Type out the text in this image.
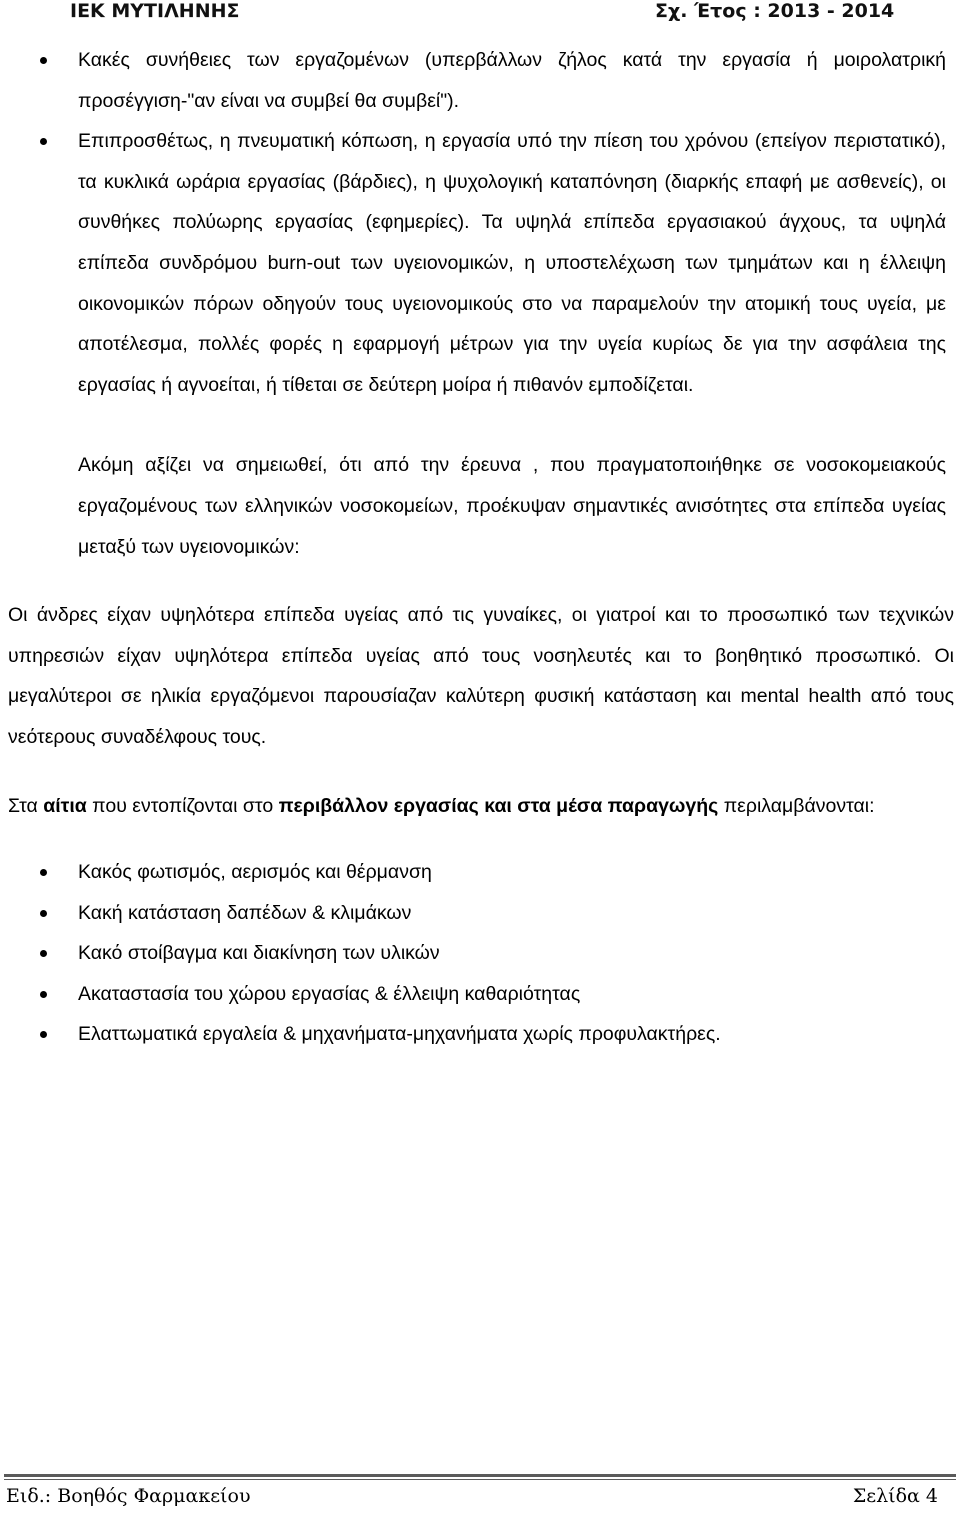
ΙΕΚ ΜΥΤΙΛΗΝΗΣ	Σχ. Έτος : 2013 - 2014
Κακές συνήθειες των εργαζομένων (υπερβάλλων ζήλος κατά την εργασία ή μοιρολατρική προσέγγιση-"αν είναι να συμβεί θα συμβεί").
Επιπροσθέτως, η πνευματική κόπωση, η εργασία υπό την πίεση του χρόνου (επείγον περιστατικό), τα κυκλικά ωράρια εργασίας (βάρδιες), η ψυχολογική καταπόνηση (διαρκής επαφή με ασθενείς), οι συνθήκες πολύωρης εργασίας (εφημερίες). Τα υψηλά επίπεδα εργασιακού άγχους, τα υψηλά επίπεδα συνδρόμου burn-out των υγειονομικών, η υποστελέχωση των τμημάτων και η έλλειψη οικονομικών πόρων οδηγούν τους υγειονομικούς στο να παραμελούν την ατομική τους υγεία, με αποτέλεσμα, πολλές φορές η εφαρμογή μέτρων για την υγεία κυρίως δε για την ασφάλεια της εργασίας ή αγνοείται, ή τίθεται σε δεύτερη μοίρα ή πιθανόν εμποδίζεται.
Ακόμη αξίζει να σημειωθεί, ότι από την έρευνα , που πραγματοποιήθηκε σε νοσοκομειακούς εργαζομένους των ελληνικών νοσοκομείων, προέκυψαν σημαντικές ανισότητες στα επίπεδα υγείας μεταξύ των υγειονομικών:
Οι άνδρες είχαν υψηλότερα επίπεδα υγείας από τις γυναίκες, οι γιατροί και το προσωπικό των τεχνικών υπηρεσιών είχαν υψηλότερα επίπεδα υγείας από τους νοσηλευτές και το βοηθητικό προσωπικό. Οι μεγαλύτεροι σε ηλικία εργαζόμενοι παρουσίαζαν καλύτερη φυσική κατάσταση και mental health από τους νεότερους συναδέλφους τους.
Στα αίτια που εντοπίζονται στο περιβάλλον εργασίας και στα μέσα παραγωγής περιλαμβάνονται:
Κακός φωτισμός, αερισμός και θέρμανση
Κακή κατάσταση δαπέδων & κλιμάκων
Κακό στοίβαγμα και διακίνηση των υλικών
Ακαταστασία του χώρου εργασίας & έλλειψη καθαριότητας
Ελαττωματικά εργαλεία & μηχανήματα-μηχανήματα χωρίς προφυλακτήρες.
Ειδ.: Βοηθός Φαρμακείου	Σελίδα 4
